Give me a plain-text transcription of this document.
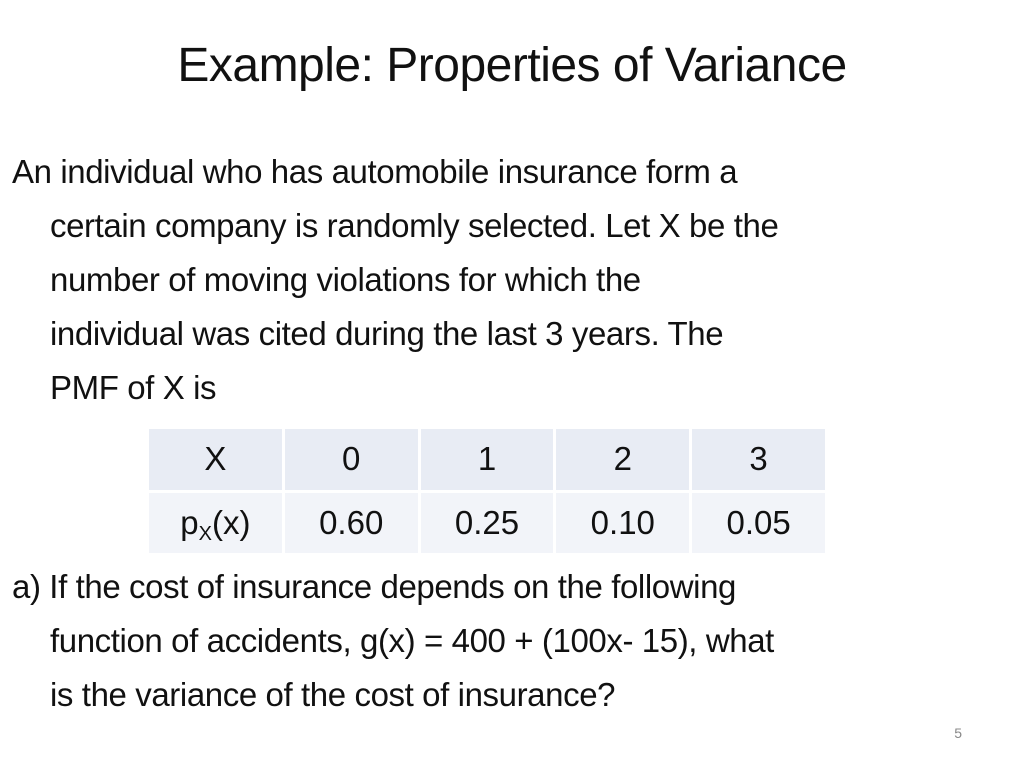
Example: Properties of Variance
An individual who has automobile insurance form a
certain company is randomly selected. Let X be the
number of moving violations for which the
individual was cited during the last 3 years. The
PMF of X is
X	0	1	2	3
$p_X(x)$	0.60	0.25	0.10	0.05
a) If the cost of insurance depends on the following
function of accidents, g(x) = 400 + (100x- 15), what
is the variance of the cost of insurance?
5
